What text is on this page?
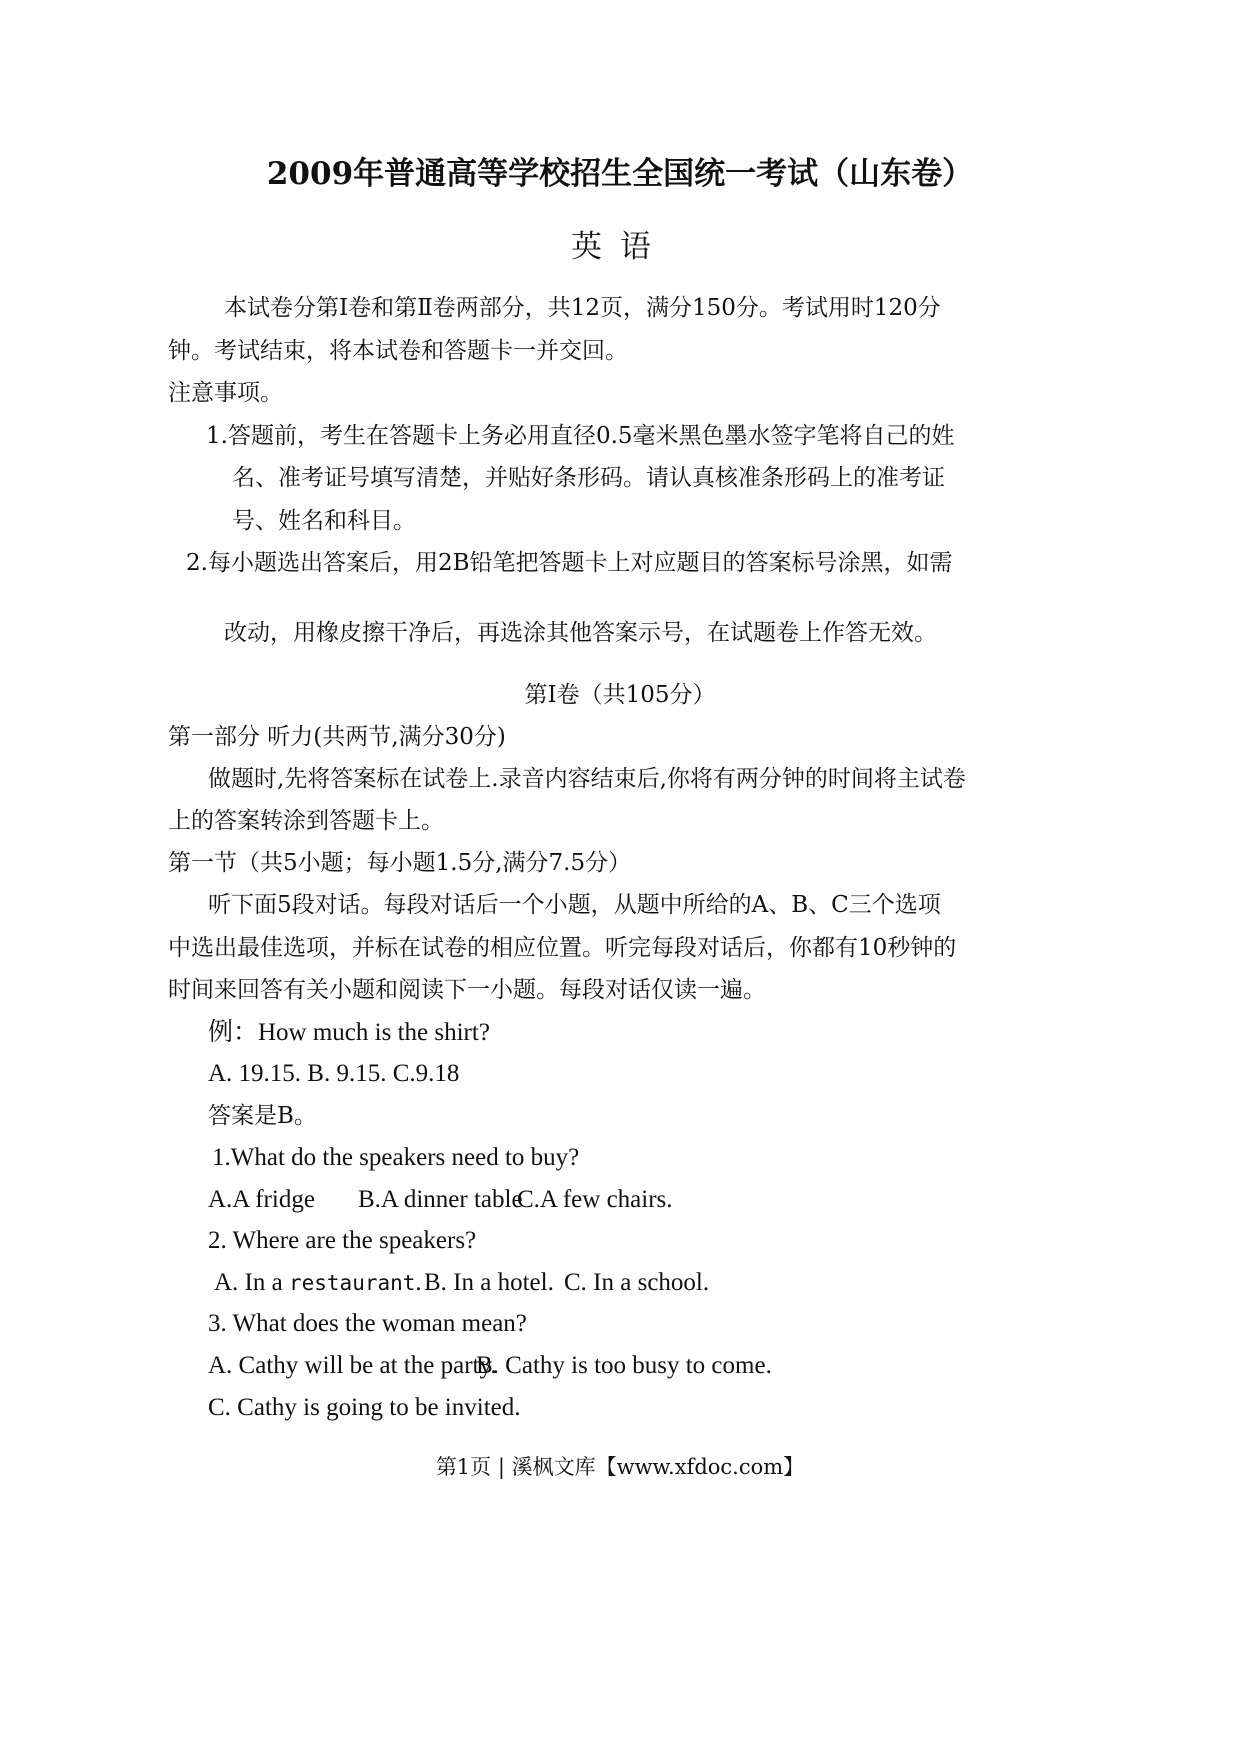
2009年普通高等学校招生全国统一考试（山东卷）
英语
本试卷分第Ⅰ卷和第Ⅱ卷两部分，共12页，满分150分。考试用时120分
钟。考试结束，将本试卷和答题卡一并交回。
注意事项。
1.答题前，考生在答题卡上务必用直径0.5毫米黑色墨水签字笔将自己的姓
名、准考证号填写清楚，并贴好条形码。请认真核准条形码上的准考证
号、姓名和科目。
2.每小题选出答案后，用2B铅笔把答题卡上对应题目的答案标号涂黑，如需
改动，用橡皮擦干净后，再选涂其他答案示号，在试题卷上作答无效。
第Ⅰ卷（共105分）
第一部分 听力(共两节,满分30分)
做题时,先将答案标在试卷上.录音内容结束后,你将有两分钟的时间将主试卷
上的答案转涂到答题卡上。
第一节（共5小题；每小题1.5分,满分7.5分）
听下面5段对话。每段对话后一个小题，从题中所给的A、B、C三个选项
中选出最佳选项，并标在试卷的相应位置。听完每段对话后，你都有10秒钟的
时间来回答有关小题和阅读下一小题。每段对话仅读一遍。
例：How much is the shirt?
A. 19.15. B. 9.15. C.9.18
答案是B。
1.What do the speakers need to buy?
A.A fridge B.A dinner table
C.A few chairs.
2. Where are the speakers?
A. In a restaurant. B. In a hotel. C. In a school.
3. What does the woman mean?
A. Cathy will be at the party.
B. Cathy is too busy to come.
C. Cathy is going to be invited.
第1页 | 溪枫文库【www.xfdoc.com】
